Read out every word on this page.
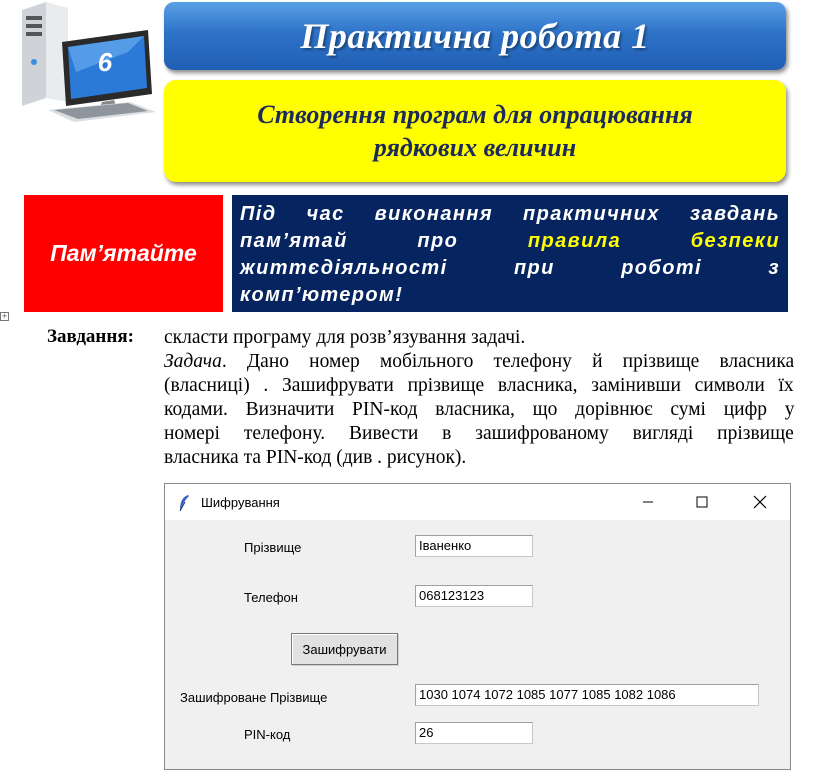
6
Практична робота 1
Створення програм для опрацювання
рядкових величин
Пам’ятайте
Під час виконання практичних завдань
пам’ятай	про	правила	безпеки
життєдіяльності	при	роботі	з
комп’ютером!
+
Завдання: скласти програму для розв’язування задачі.
Задача. Дано номер мобільного телефону й прізвище власника
(власниці) . Зашифрувати прізвище власника, замінивши символи їх
кодами. Визначити PIN-код власника, що дорівнює сумі цифр у
номері телефону. Вивести в зашифрованому вигляді прізвище
власника та PIN-код (див . рисунок).
Шифрування
Прізвище	Іваненко
Телефон	068123123
Зашифрувати
Зашифроване Прізвище	1030 1074 1072 1085 1077 1085 1082 1086
PIN-код	26
